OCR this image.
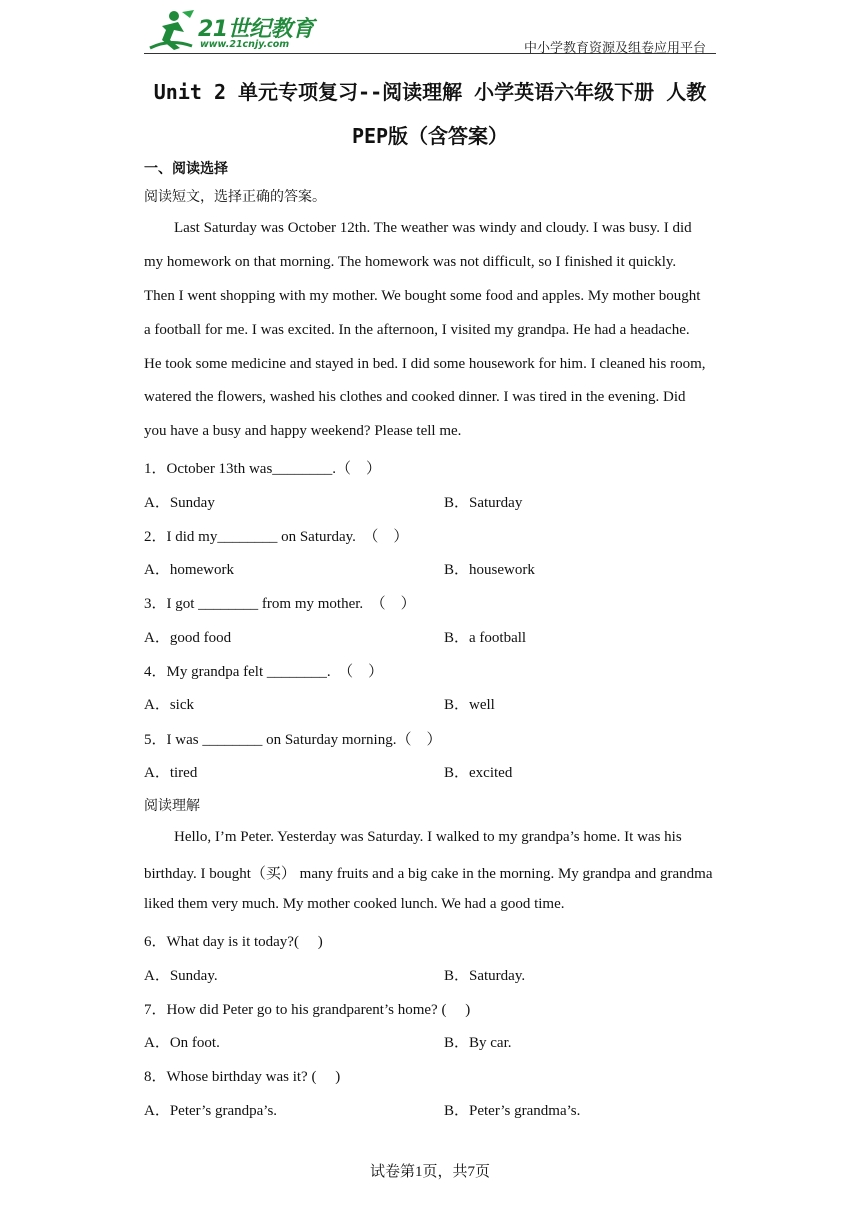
21世纪教育
www.21cnjy.com	中小学教育资源及组卷应用平台
Unit 2 单元专项复习--阅读理解 小学英语六年级下册 人教
PEP版（含答案）
一、阅读选择
阅读短文，选择正确的答案。
Last Saturday was October 12th. The weather was windy and cloudy. I was busy. I did
my homework on that morning. The homework was not difficult, so I finished it quickly.
Then I went shopping with my mother. We bought some food and apples. My mother bought
a football for me. I was excited. In the afternoon, I visited my grandpa. He had a headache.
He took some medicine and stayed in bed. I did some housework for him. I cleaned his room,
watered the flowers, washed his clothes and cooked dinner. I was tired in the evening. Did
you have a busy and happy weekend? Please tell me.
1．October 13th was________.（　）
A．Sunday	B．Saturday
2．I did my________ on Saturday.　（　）
A．homework	B．housework
3．I got ________ from my mother.　（　）
A．good food	B．a football
4．My grandpa felt ________.　（　）
A．sick	B．well
5．I was ________ on Saturday morning.（　）
A．tired	B．excited
阅读理解
Hello, I’m Peter. Yesterday was Saturday. I walked to my grandpa’s home. It was his
birthday. I bought（买） many fruits and a big cake in the morning. My grandpa and grandma
liked them very much. My mother cooked lunch. We had a good time.
6．What day is it today?(　 )
A．Sunday.	B．Saturday.
7．How did Peter go to his grandparent’s home? (　 )
A．On foot.	B．By car.
8．Whose birthday was it? (　 )
A．Peter’s grandpa’s.	B．Peter’s grandma’s.
试卷第1页，共7页
